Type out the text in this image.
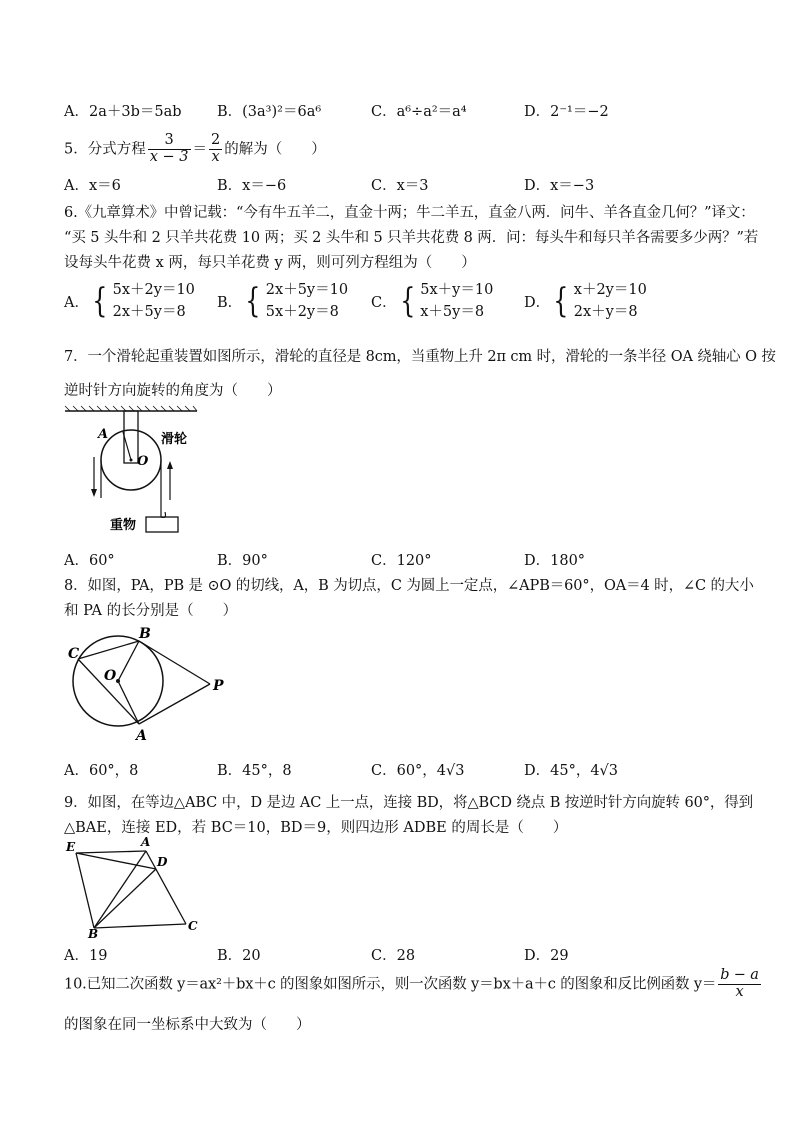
A．2a＋3b＝5ab B．(3a³)²＝6a⁶	C．a⁶÷a²＝a⁴	D．2⁻¹＝−2
5．分式方程 $\frac{3}{x - 3} = \frac{2}{x}$ 的解为（　　）
A．x＝6	B．x＝−6	C．x＝3	D．x＝−3
6.《九章算术》中曾记载：“今有牛五羊二，直金十两；牛二羊五，直金八两．问牛、羊各直金几何？”译文：
“买 5 头牛和 2 只羊共花费 10 两；买 2 头牛和 5 只羊共花费 8 两．问：每头牛和每只羊各需要多少两？”若
设每头牛花费 x 两，每只羊花费 y 两，则可列方程组为（　　）
A．{ 5x＋2y＝10
2x＋5y＝8
B．{ 2x＋5y＝10
5x＋2y＝8
C．{ 5x＋y＝10
x＋5y＝8
D．{ x＋2y＝10
2x＋y＝8
7．一个滑轮起重装置如图所示，滑轮的直径是 8cm，当重物上升 2π cm 时，滑轮的一条半径 OA 绕轴心 O 按
逆时针方向旋转的角度为（　　）
A
O
滑轮
重物
A．60°	B．90°	C．120°	D．180°
8．如图，PA，PB 是 ⊙O 的切线，A，B 为切点，C 为圆上一定点，∠APB＝60°，OA＝4 时，∠C 的大小
和 PA 的长分别是（　　）
C
B
O
P
A
A．60°，8	B．45°，8	C．60°，4√3	D．45°，4√3
9．如图，在等边△ABC 中，D 是边 AC 上一点，连接 BD，将△BCD 绕点 B 按逆时针方向旋转 60°，得到
△BAE，连接 ED，若 BC＝10，BD＝9，则四边形 ADBE 的周长是（　　）
E	A
D
B
C
A．19	B．20	C．28	D．29
10.已知二次函数 y＝ax²＋bx＋c 的图象如图所示，则一次函数 y＝bx＋a＋c 的图象和反比例函数 $y= \frac{b - a}{x}$
的图象在同一坐标系中大致为（　　）
